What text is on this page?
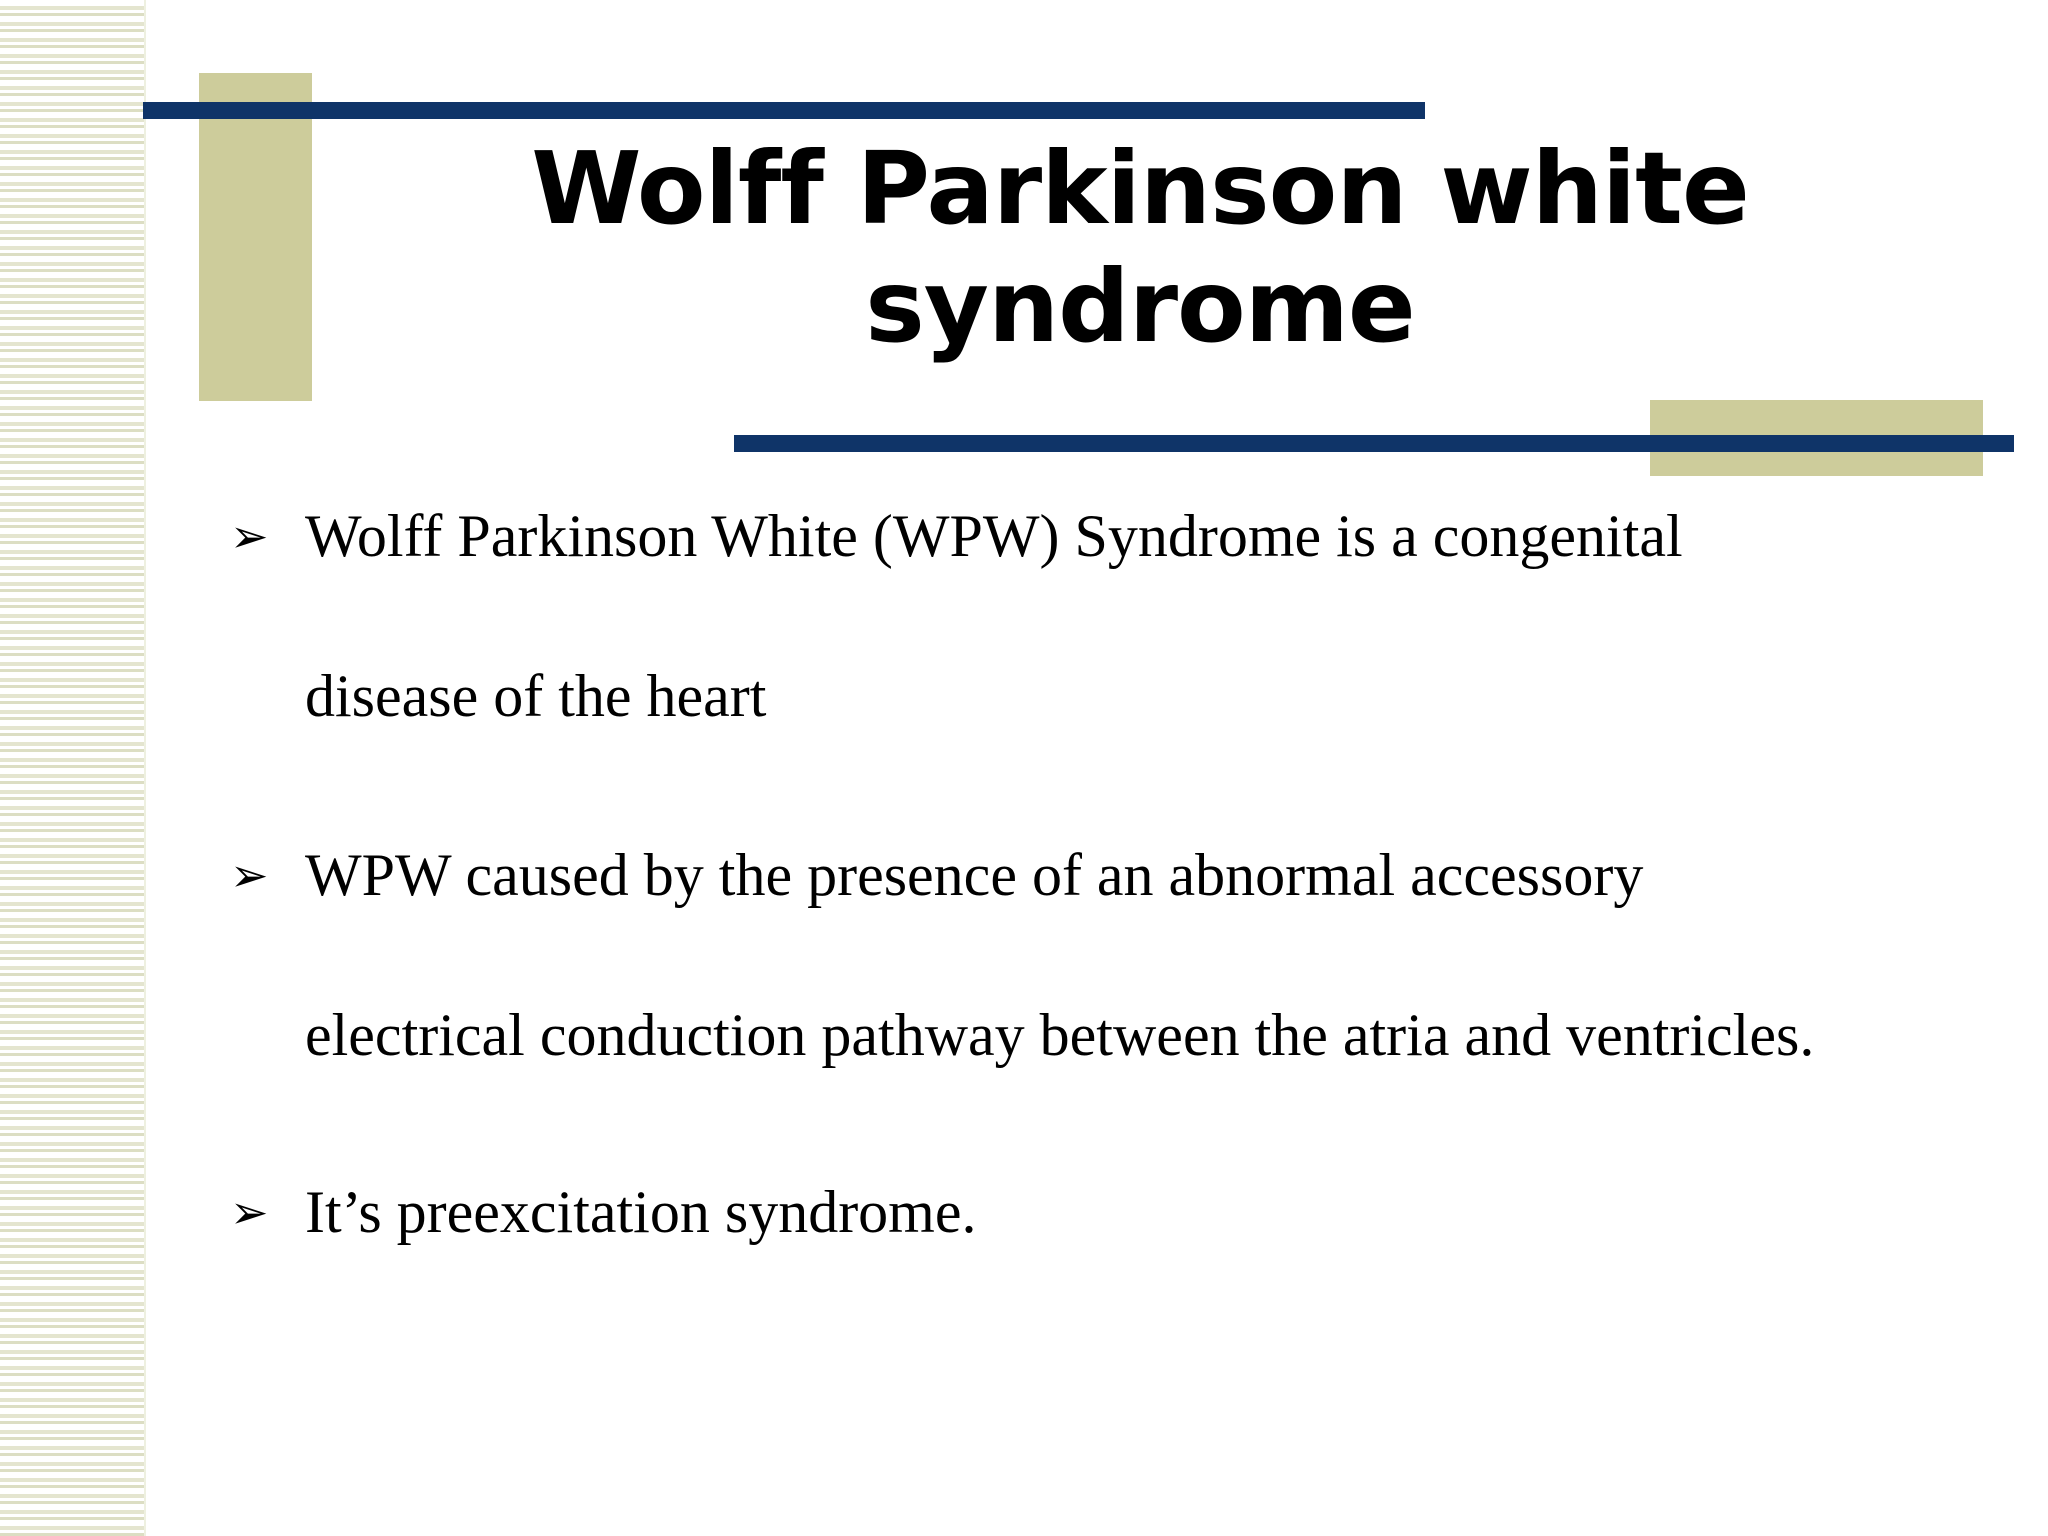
Wolff Parkinson white syndrome
➢ Wolff Parkinson White (WPW) Syndrome is a congenital
disease of the heart
➢ WPW caused by the presence of an abnormal accessory
electrical conduction pathway between the atria and ventricles.
➢ It’s preexcitation syndrome.
